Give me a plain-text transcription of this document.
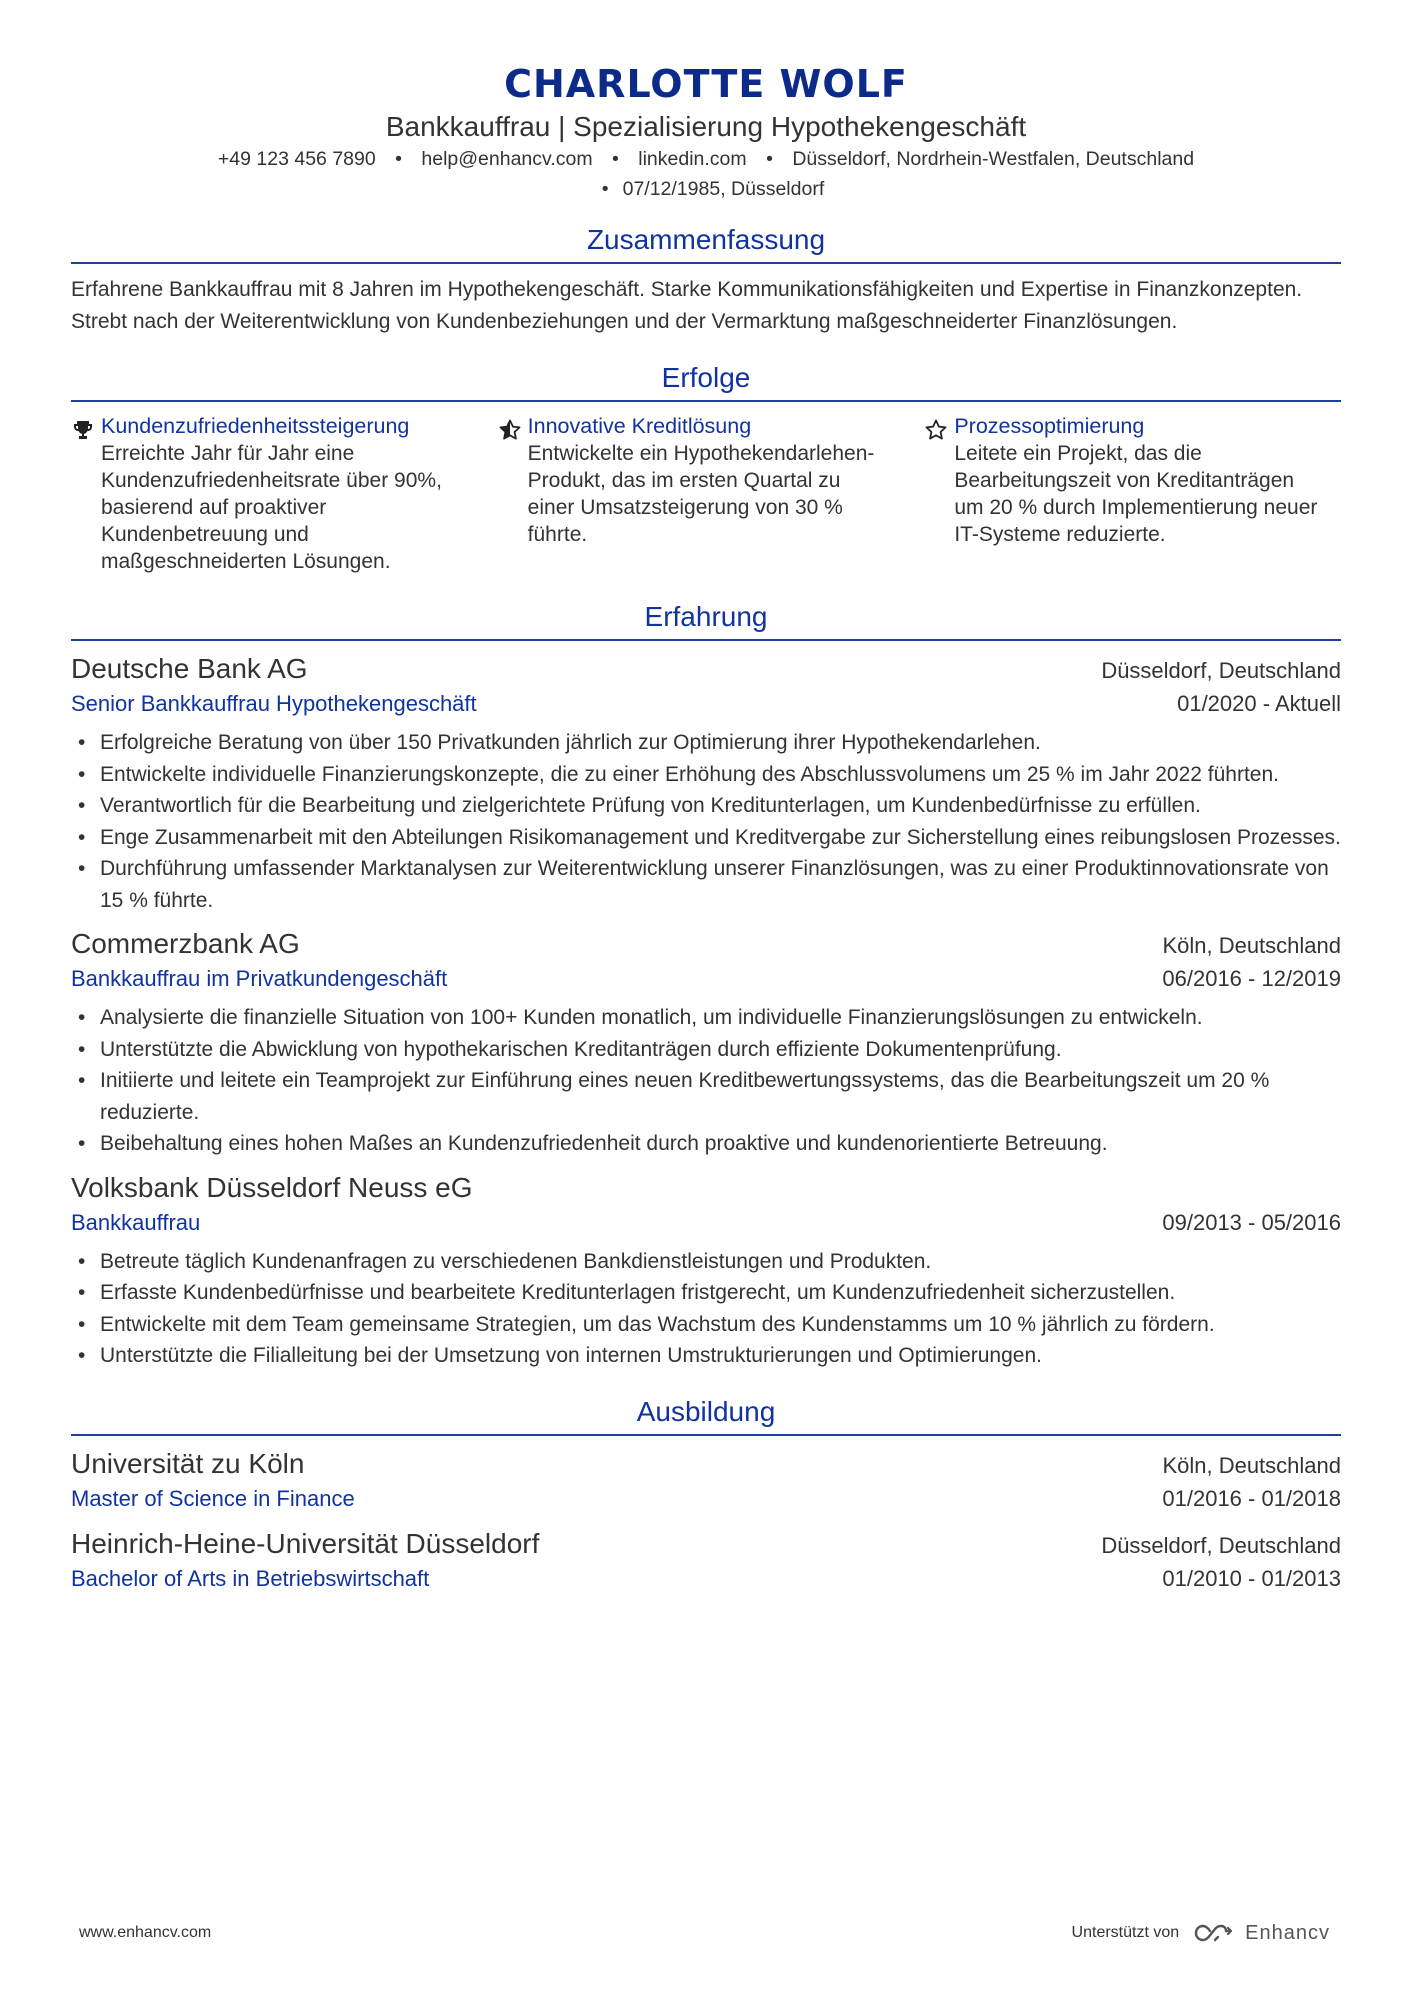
CHARLOTTE WOLF
Bankkauffrau | Spezialisierung Hypothekengeschäft
+49 123 456 7890 • help@enhancv.com • linkedin.com • Düsseldorf, Nordrhein-Westfalen, Deutschland
• 07/12/1985, Düsseldorf
Zusammenfassung
Erfahrene Bankkauffrau mit 8 Jahren im Hypothekengeschäft. Starke Kommunikationsfähigkeiten und Expertise in Finanzkonzepten. Strebt nach der Weiterentwicklung von Kundenbeziehungen und der Vermarktung maßgeschneiderter Finanzlösungen.
Erfolge
Kundenzufriedenheitssteigerung
Erreichte Jahr für Jahr eine Kundenzufriedenheitsrate über 90%, basierend auf proaktiver Kundenbetreuung und maßgeschneiderten Lösungen.
Innovative Kreditlösung
Entwickelte ein Hypothekendarlehen-Produkt, das im ersten Quartal zu einer Umsatzsteigerung von 30 % führte.
Prozessoptimierung
Leitete ein Projekt, das die Bearbeitungszeit von Kreditanträgen um 20 % durch Implementierung neuer IT-Systeme reduzierte.
Erfahrung
Deutsche Bank AG	Düsseldorf, Deutschland
Senior Bankkauffrau Hypothekengeschäft	01/2020 - Aktuell
• Erfolgreiche Beratung von über 150 Privatkunden jährlich zur Optimierung ihrer Hypothekendarlehen.
• Entwickelte individuelle Finanzierungskonzepte, die zu einer Erhöhung des Abschlussvolumens um 25 % im Jahr 2022 führten.
• Verantwortlich für die Bearbeitung und zielgerichtete Prüfung von Kreditunterlagen, um Kundenbedürfnisse zu erfüllen.
• Enge Zusammenarbeit mit den Abteilungen Risikomanagement und Kreditvergabe zur Sicherstellung eines reibungslosen Prozesses.
• Durchführung umfassender Marktanalysen zur Weiterentwicklung unserer Finanzlösungen, was zu einer Produktinnovationsrate von 15 % führte.
Commerzbank AG	Köln, Deutschland
Bankkauffrau im Privatkundengeschäft	06/2016 - 12/2019
• Analysierte die finanzielle Situation von 100+ Kunden monatlich, um individuelle Finanzierungslösungen zu entwickeln.
• Unterstützte die Abwicklung von hypothekarischen Kreditanträgen durch effiziente Dokumentenprüfung.
• Initiierte und leitete ein Teamprojekt zur Einführung eines neuen Kreditbewertungssystems, das die Bearbeitungszeit um 20 % reduzierte.
• Beibehaltung eines hohen Maßes an Kundenzufriedenheit durch proaktive und kundenorientierte Betreuung.
Volksbank Düsseldorf Neuss eG
Bankkauffrau	09/2013 - 05/2016
• Betreute täglich Kundenanfragen zu verschiedenen Bankdienstleistungen und Produkten.
• Erfasste Kundenbedürfnisse und bearbeitete Kreditunterlagen fristgerecht, um Kundenzufriedenheit sicherzustellen.
• Entwickelte mit dem Team gemeinsame Strategien, um das Wachstum des Kundenstamms um 10 % jährlich zu fördern.
• Unterstützte die Filialleitung bei der Umsetzung von internen Umstrukturierungen und Optimierungen.
Ausbildung
Universität zu Köln	Köln, Deutschland
Master of Science in Finance	01/2016 - 01/2018
Heinrich-Heine-Universität Düsseldorf	Düsseldorf, Deutschland
Bachelor of Arts in Betriebswirtschaft	01/2010 - 01/2013
www.enhancv.com	Unterstützt von	Enhancv
